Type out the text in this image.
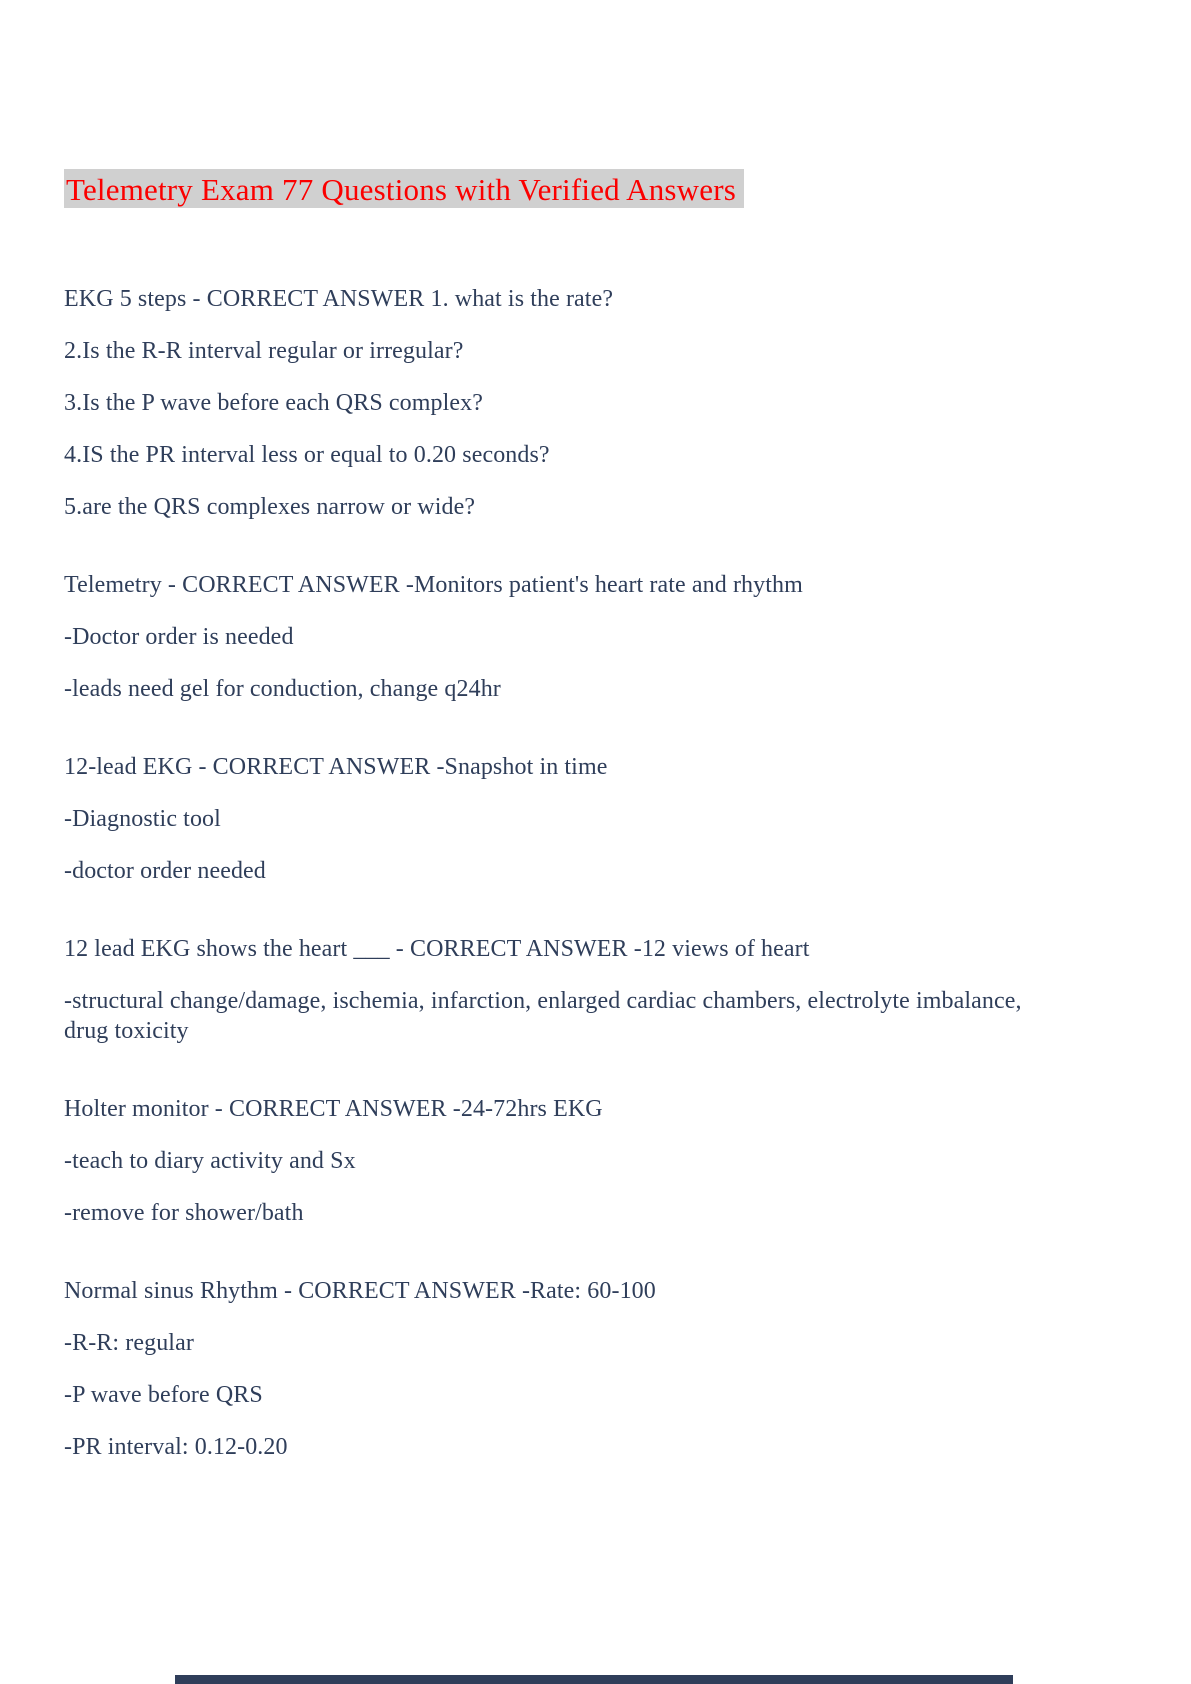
Telemetry Exam 77 Questions with Verified Answers

EKG 5 steps - CORRECT ANSWER 1. what is the rate?

2.Is the R-R interval regular or irregular?

3.Is the P wave before each QRS complex?

4.IS the PR interval less or equal to 0.20 seconds?

5.are the QRS complexes narrow or wide?

Telemetry - CORRECT ANSWER -Monitors patient's heart rate and rhythm

-Doctor order is needed

-leads need gel for conduction, change q24hr

12-lead EKG - CORRECT ANSWER -Snapshot in time

-Diagnostic tool

-doctor order needed

12 lead EKG shows the heart ___ - CORRECT ANSWER -12 views of heart

-structural change/damage, ischemia, infarction, enlarged cardiac chambers, electrolyte imbalance, drug toxicity

Holter monitor - CORRECT ANSWER -24-72hrs EKG

-teach to diary activity and Sx

-remove for shower/bath

Normal sinus Rhythm - CORRECT ANSWER -Rate: 60-100

-R-R: regular

-P wave before QRS

-PR interval: 0.12-0.20
